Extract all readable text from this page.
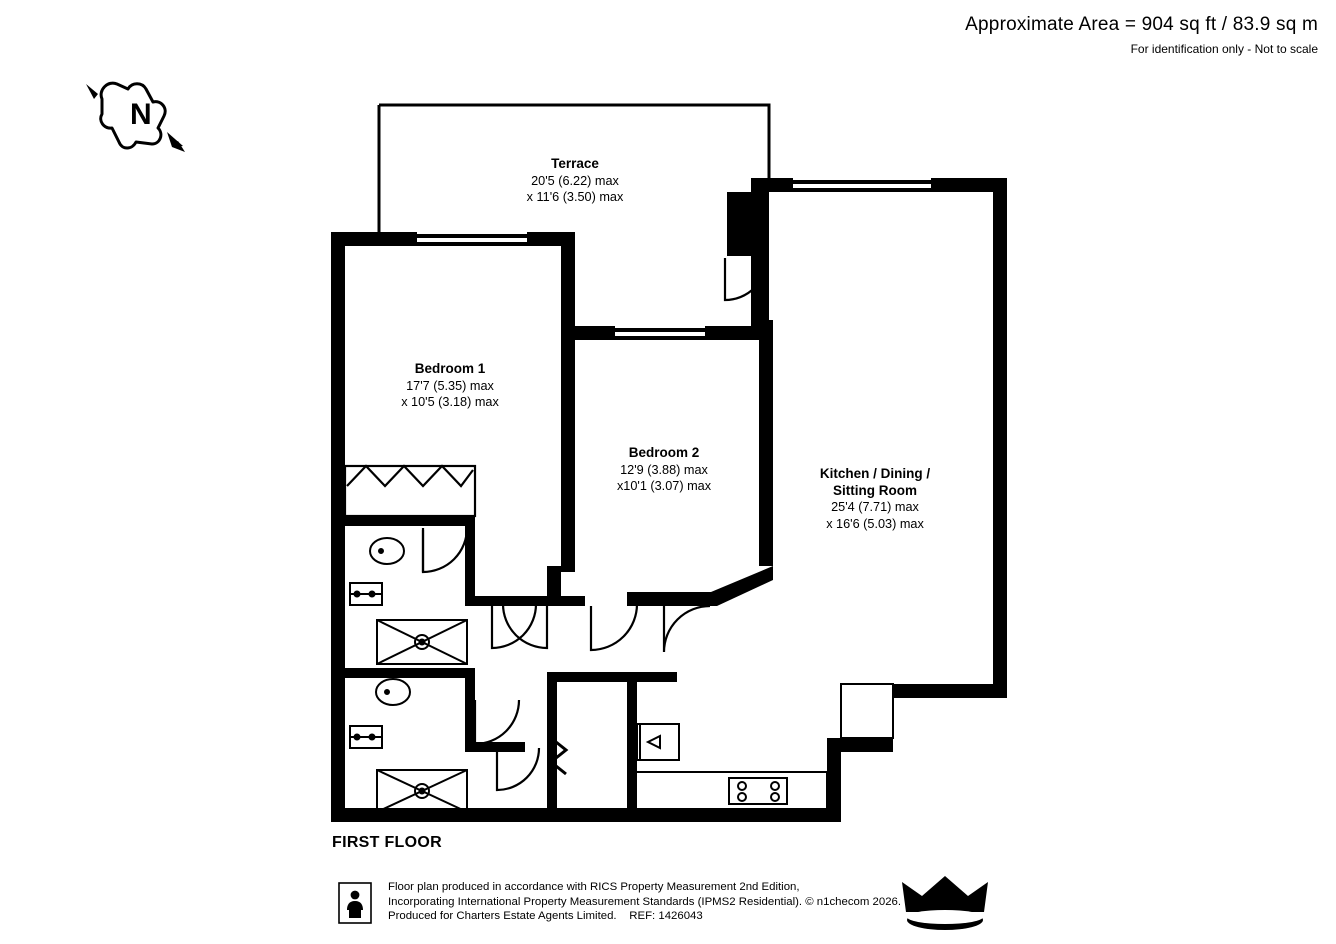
Approximate Area = 904 sq ft / 83.9 sq m
For identification only - Not to scale
N
Terrace
20'5 (6.22) max
x 11'6 (3.50) max
Bedroom 1
17'7 (5.35) max
x 10'5 (3.18) max
Bedroom 2
12'9 (3.88) max
x10'1 (3.07) max
Kitchen / Dining /
Sitting Room
25'4 (7.71) max
x 16'6 (5.03) max
FIRST FLOOR
Floor plan produced in accordance with RICS Property Measurement 2nd Edition,
Incorporating International Property Measurement Standards (IPMS2 Residential). © n1checom 2026.
Produced for Charters Estate Agents Limited. REF: 1426043
